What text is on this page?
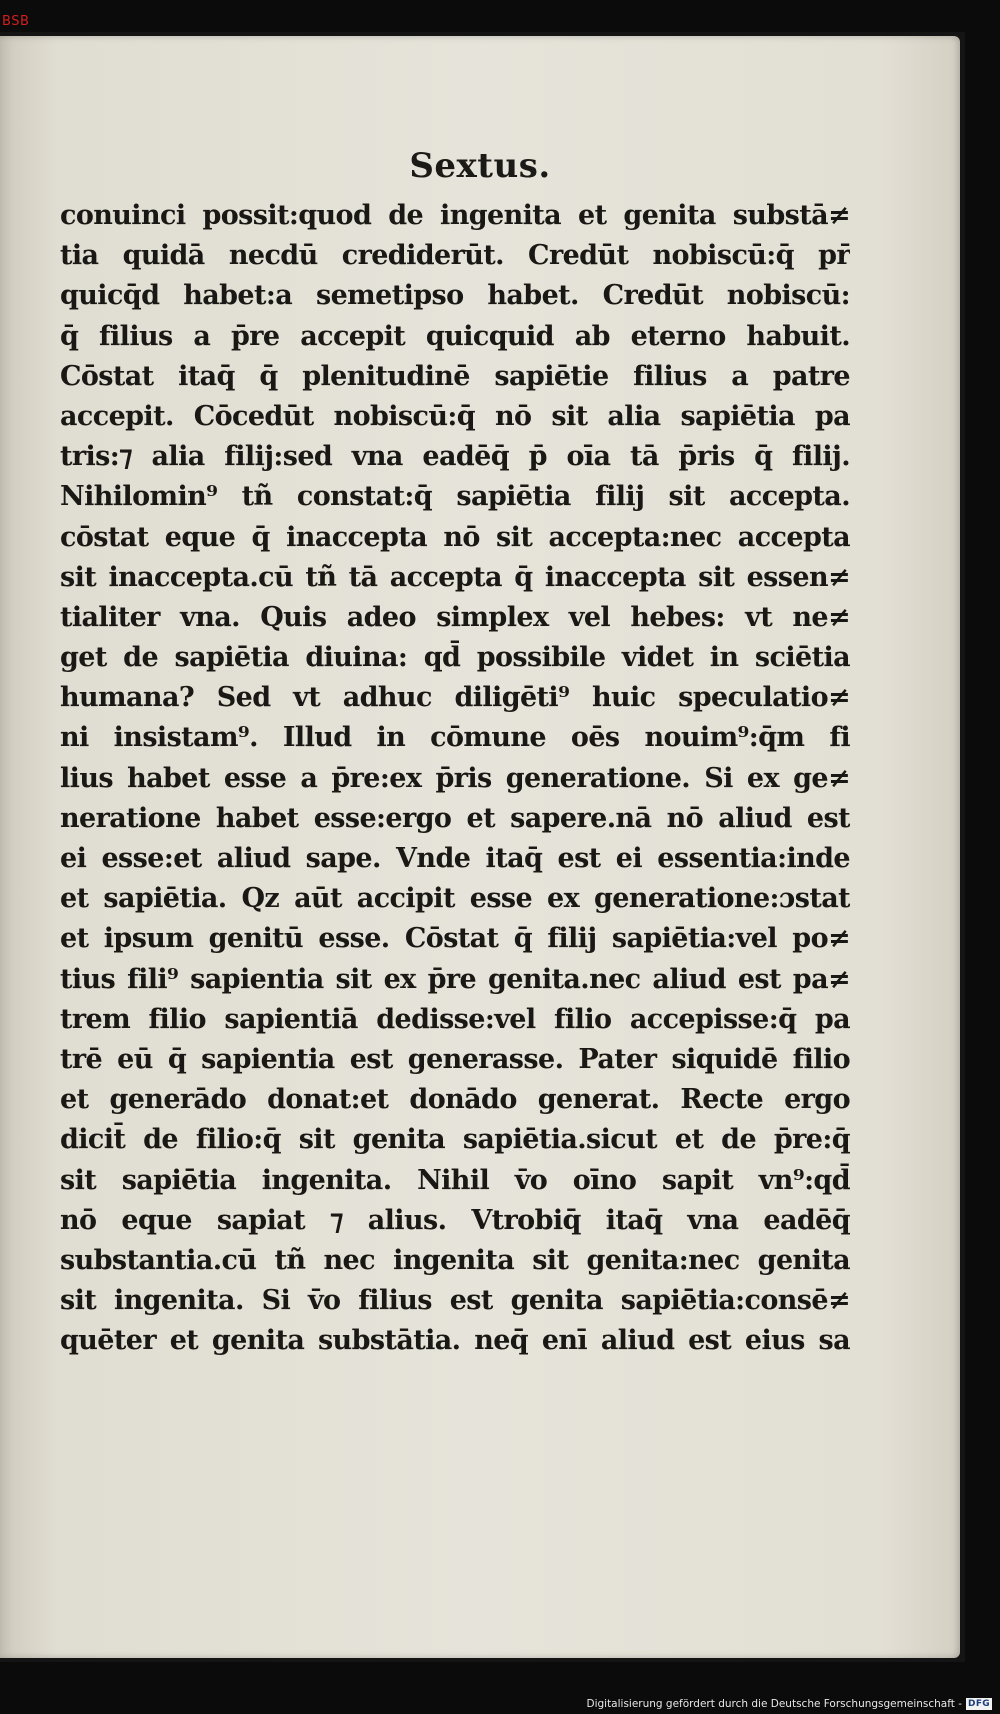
BSB
Sextus.
conuinci possit:quod de ingenita et genita substā≠
tia quidā necdū crediderūt. Credūt nobiscū:q̄ pr̄
quicq̄d habet:a semetipso habet. Credūt nobiscū:
q̄ filius a p̄re accepit quicquid ab eterno habuit.
Cōstat itaq̄ q̄ plenitudinē sapiētie filius a patre
accepit. Cōcedūt nobiscū:q̄ nō sit alia sapiētia pa
tris:⁊ alia filij:sed vna eadēq̄ p̄ oīa tā p̄ris q̄ filij.
Nihilomin⁹ tñ constat:q̄ sapiētia filij sit accepta.
cōstat eque q̄ inaccepta nō sit accepta:nec accepta
sit inaccepta.cū tñ tā accepta q̄ inaccepta sit essen≠
tialiter vna. Quis adeo simplex vel hebes: vt ne≠
get de sapiētia diuina: qd̄ possibile videt in sciētia
humana? Sed vt adhuc diligēti⁹ huic speculatio≠
ni insistam⁹. Illud in cōmune oēs nouim⁹:q̄m fi
lius habet esse a p̄re:ex p̄ris generatione. Si ex ge≠
neratione habet esse:ergo et sapere.nā nō aliud est
ei esse:et aliud sape. Vnde itaq̄ est ei essentia:inde
et sapiētia. Qz aūt accipit esse ex generatione:ɔstat
et ipsum genitū esse. Cōstat q̄ filij sapiētia:vel po≠
tius fili⁹ sapientia sit ex p̄re genita.nec aliud est pa≠
trem filio sapientiā dedisse:vel filio accepisse:q̄ pa
trē eū q̄ sapientia est generasse. Pater siquidē filio
et generādo donat:et donādo generat. Recte ergo
dicit̄ de filio:q̄ sit genita sapiētia.sicut et de p̄re:q̄
sit sapiētia ingenita. Nihil v̄o oīno sapit vn⁹:qd̄
nō eque sapiat ⁊ alius. Vtrobiq̄ itaq̄ vna eadēq̄
substantia.cū tñ nec ingenita sit genita:nec genita
sit ingenita. Si v̄o filius est genita sapiētia:consē≠
quēter et genita substātia. neq̄ enī aliud est eius sa
Digitalisierung gefördert durch die Deutsche Forschungsgemeinschaft - DFG
